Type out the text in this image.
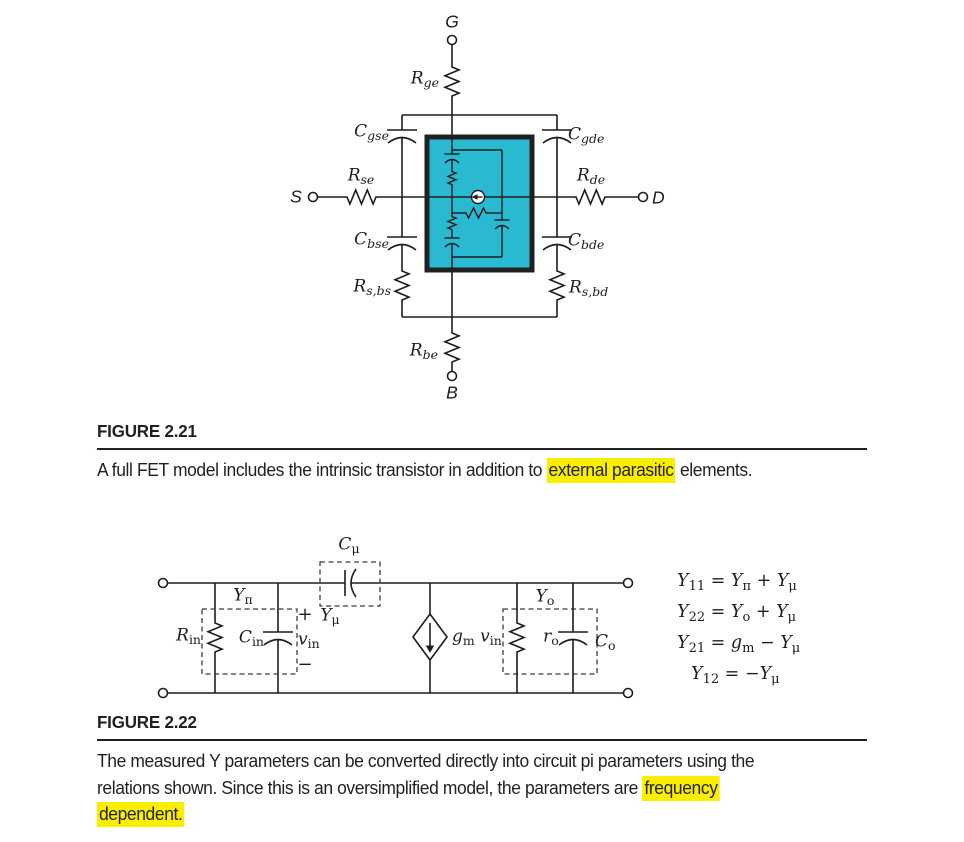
G
S	D
B
$R_{ge}$
$C_{gse}$
$R_{se}$
$C_{bse}$
$R_{s,bs}$
$C_{gde}$
$R_{de}$
$C_{bde}$
$R_{s,bd}$
$R_{be}$
$C_\mu$
$Y_\pi$
$R_{in}$ $C_{in}$
+
$v_{in}$
−
$Y_\mu$
$g_m$ $v_{in}$
$Y_o$
$r_o$ $C_o$
$Y_{11} = Y_\pi + Y_\mu$
$Y_{22} = Y_o + Y_\mu$
$Y_{21} = g_m - Y_\mu$
$Y_{12} = -Y_\mu$
FIGURE 2.21
A full FET model includes the intrinsic transistor in addition to external parasitic elements.
FIGURE 2.22
The measured Y parameters can be converted directly into circuit pi parameters using the
relations shown. Since this is an oversimplified model, the parameters are frequency
dependent.
